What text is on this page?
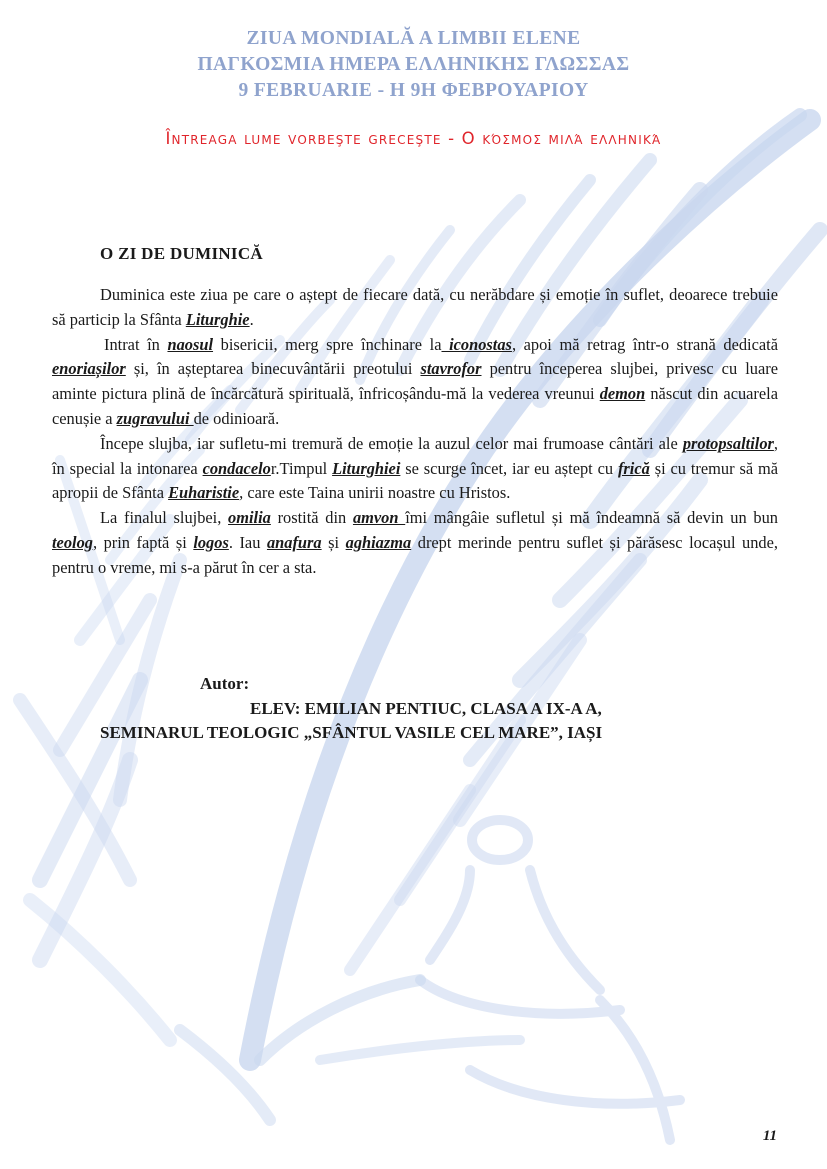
ZIUA MONDIALĂ A LIMBII ELENE
ΠΑΓΚΟΣΜΙΑ ΗΜΕΡΑ ΕΛΛΗΝΙΚΗΣ ΓΛΩΣΣΑΣ
9 FEBRUARIE - Η 9Η ΦΕΒΡΟΥΑΡΙΟΥ
Întreaga lume vorbeşte greceşte - Ο κόσμος μιλά ελληνικά
O ZI DE DUMINICĂ

Duminica este ziua pe care o aștept de fiecare dată, cu nerăbdare și emoție în suflet, deoarece trebuie să particip la Sfânta Liturghie.

Intrat în naosul bisericii, merg spre închinare la iconostas, apoi mă retrag într-o strană dedicată enoriașilor și, în așteptarea binecuvântării preotului stavrofor pentru începerea slujbei, privesc cu luare aminte pictura plină de încărcătură spirituală, înfricoșându-mă la vederea vreunui demon născut din acuarela cenușie a zugravului de odinioară.

Începe slujba, iar sufletu-mi tremură de emoție la auzul celor mai frumoase cântări ale protopsaltilor, în special la intonarea condacelor.Timpul Liturghiei se scurge încet, iar eu aștept cu frică și cu tremur să mă apropii de Sfânta Euharistie, care este Taina unirii noastre cu Hristos.

La finalul slujbei, omilia rostită din amvon îmi mângâie sufletul și mă îndeamnă să devin un bun teolog, prin faptă și logos. Iau anafura și aghiazma drept merinde pentru suflet și părăsesc locașul unde, pentru o vreme, mi s-a părut în cer a sta.

Autor:
ELEV: EMILIAN PENTIUC, CLASA A IX-A A,
SEMINARUL TEOLOGIC „SFÂNTUL VASILE CEL MARE”, IAȘI
11
